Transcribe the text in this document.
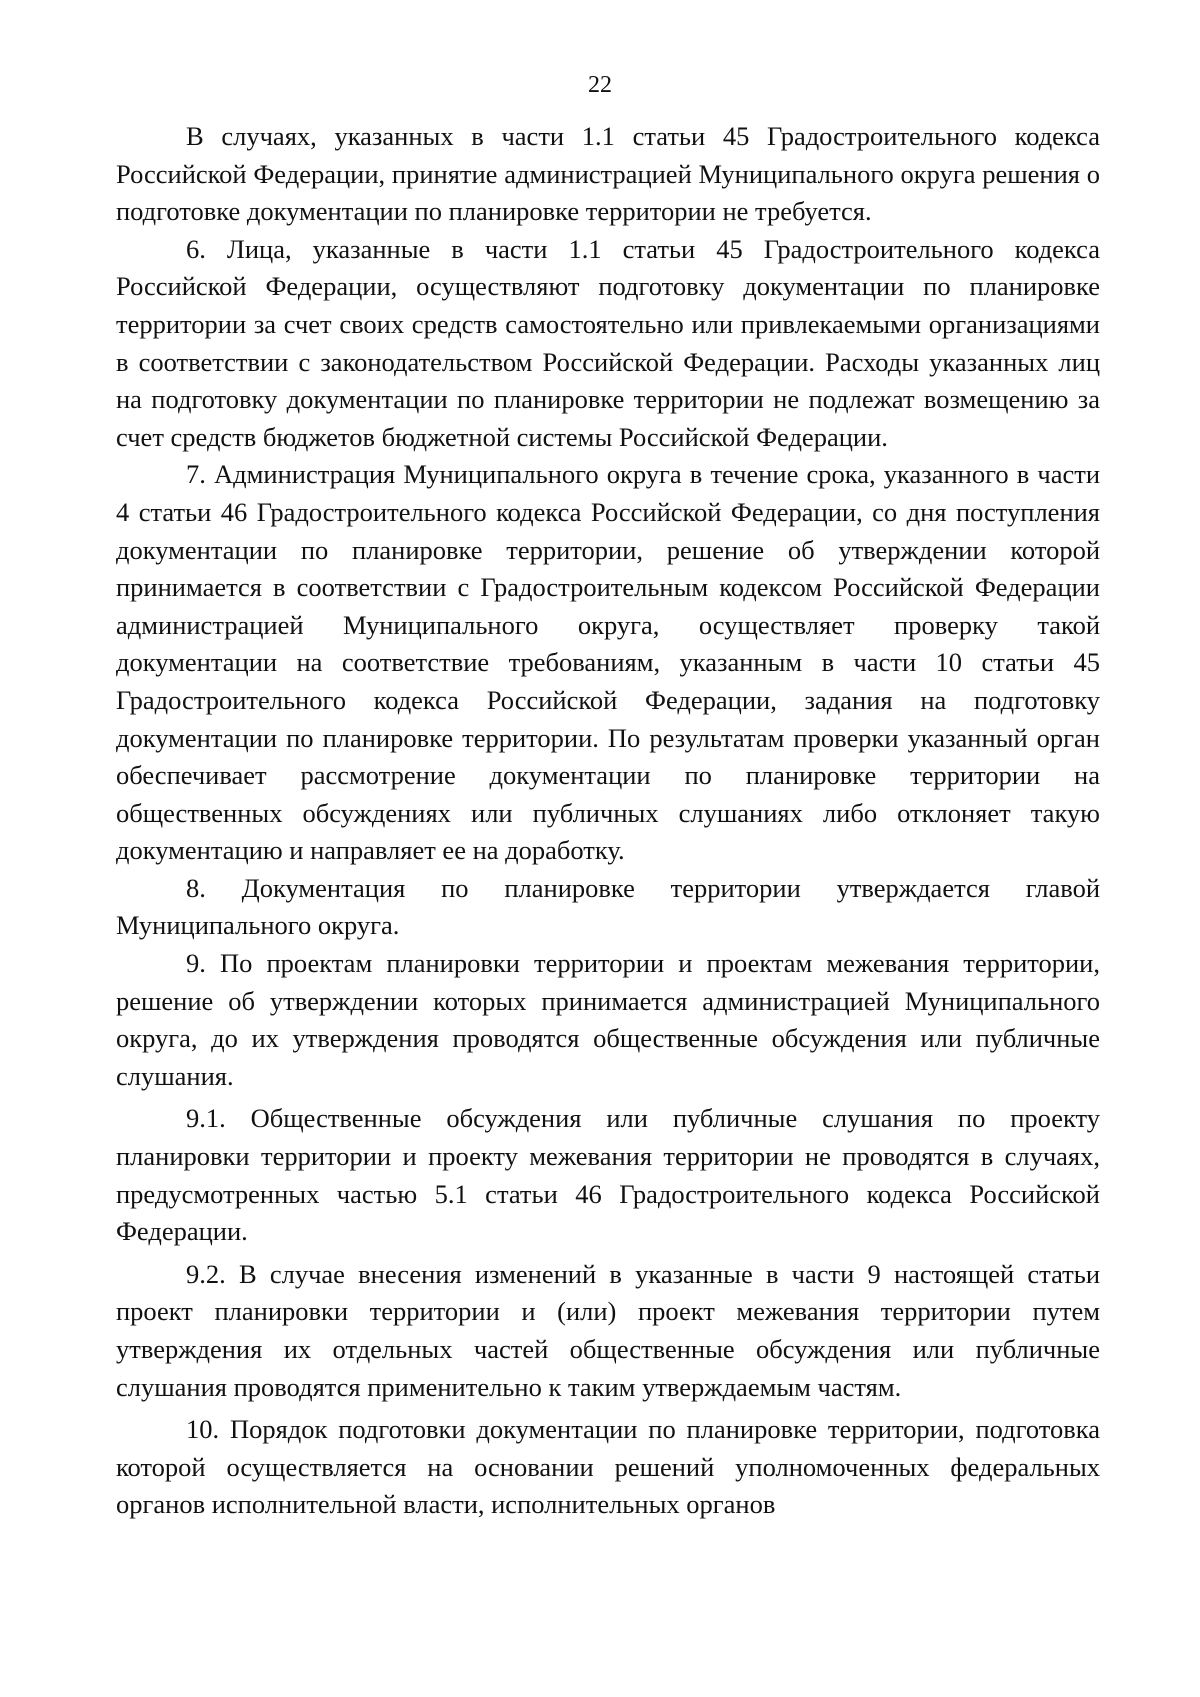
22

В случаях, указанных в части 1.1 статьи 45 Градостроительного кодекса Российской Федерации, принятие администрацией Муниципального округа решения о подготовке документации по планировке территории не требуется.

6. Лица, указанные в части 1.1 статьи 45 Градостроительного кодекса Российской Федерации, осуществляют подготовку документации по планировке территории за счет своих средств самостоятельно или привлекаемыми организациями в соответствии с законодательством Российской Федерации. Расходы указанных лиц на подготовку документации по планировке территории не подлежат возмещению за счет средств бюджетов бюджетной системы Российской Федерации.

7. Администрация Муниципального округа в течение срока, указанного в части 4 статьи 46 Градостроительного кодекса Российской Федерации, со дня поступления документации по планировке территории, решение об утверждении которой принимается в соответствии с Градостроительным кодексом Российской Федерации администрацией Муниципального округа, осуществляет проверку такой документации на соответствие требованиям, указанным в части 10 статьи 45 Градостроительного кодекса Российской Федерации, задания на подготовку документации по планировке территории. По результатам проверки указанный орган обеспечивает рассмотрение документации по планировке территории на общественных обсуждениях или публичных слушаниях либо отклоняет такую документацию и направляет ее на доработку.

8. Документация по планировке территории утверждается главой Муниципального округа.

9. По проектам планировки территории и проектам межевания территории, решение об утверждении которых принимается администрацией Муниципального округа, до их утверждения проводятся общественные обсуждения или публичные слушания.

9.1. Общественные обсуждения или публичные слушания по проекту планировки территории и проекту межевания территории не проводятся в случаях, предусмотренных частью 5.1 статьи 46 Градостроительного кодекса Российской Федерации.

9.2. В случае внесения изменений в указанные в части 9 настоящей статьи проект планировки территории и (или) проект межевания территории путем утверждения их отдельных частей общественные обсуждения или публичные слушания проводятся применительно к таким утверждаемым частям.

10. Порядок подготовки документации по планировке территории, подготовка которой осуществляется на основании решений уполномоченных федеральных органов исполнительной власти, исполнительных органов
